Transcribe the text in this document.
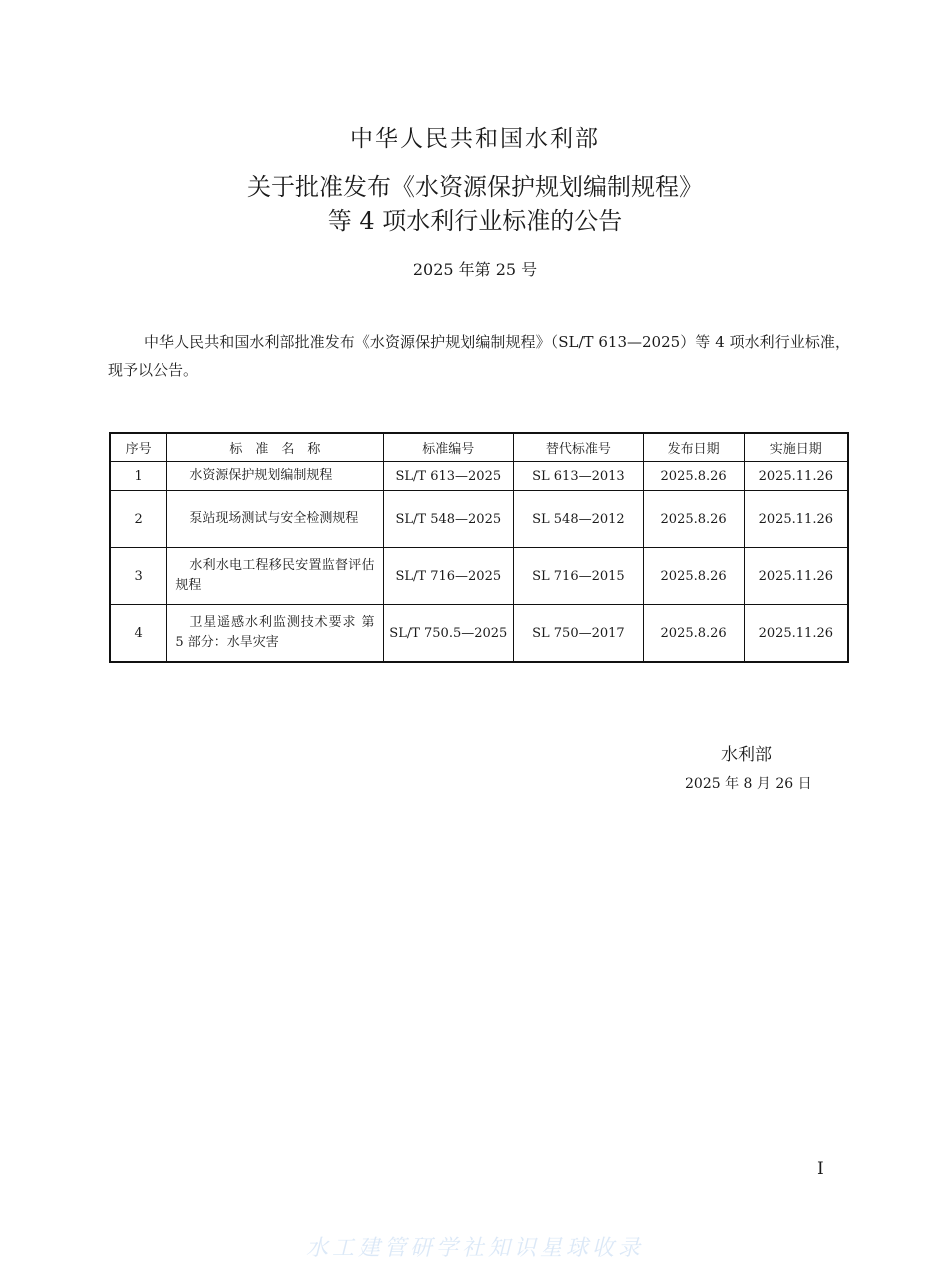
中华人民共和国水利部
关于批准发布《水资源保护规划编制规程》
等 4 项水利行业标准的公告
2025 年第 25 号
中华人民共和国水利部批准发布《水资源保护规划编制规程》（SL/T 613—2025）等 4 项水利行业标准，现予以公告。
序号	标　准　名　称	标准编号	替代标准号	发布日期	实施日期
1	水资源保护规划编制规程	SL/T 613—2025	SL 613—2013	2025.8.26	2025.11.26
2	泵站现场测试与安全检测规程	SL/T 548—2025	SL 548—2012	2025.8.26	2025.11.26
3	水利水电工程移民安置监督评估规程	SL/T 716—2025	SL 716—2015	2025.8.26	2025.11.26
4	卫星遥感水利监测技术要求 第 5 部分：水旱灾害	SL/T 750.5—2025	SL 750—2017	2025.8.26	2025.11.26
水利部
2025 年 8 月 26 日
I
水工建管研学社知识星球收录
